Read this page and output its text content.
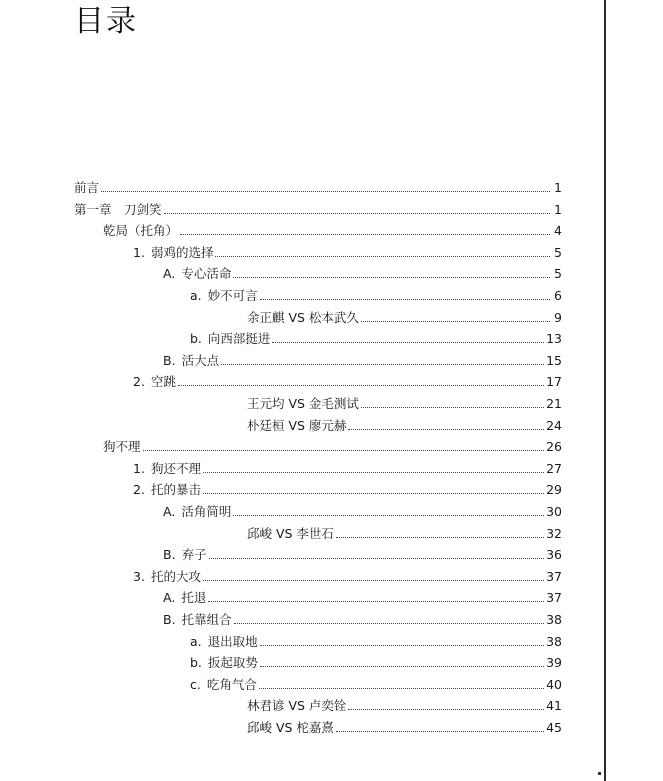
目录
前言	1
第一章　刀剑笑	1
乾局（托角）	4
1. 弱鸡的选择	5
A. 专心活命	5
a. 妙不可言	6
余正麒 VS 松本武久	9
b. 向西部挺进	13
B. 活大点	15
2. 空跳	17
王元均 VS 金毛测试	21
朴廷桓 VS 廖元赫	24
狗不理	26
1. 狗还不理	27
2. 托的暴击	29
A. 活角简明	30
邱峻 VS 李世石	32
B. 弃子	36
3. 托的大攻	37
A. 托退	37
B. 托靠组合	38
a. 退出取地	38
b. 扳起取势	39
c. 吃角气合	40
林君谚 VS 卢奕铨	41
邱峻 VS 柁嘉熹	45
